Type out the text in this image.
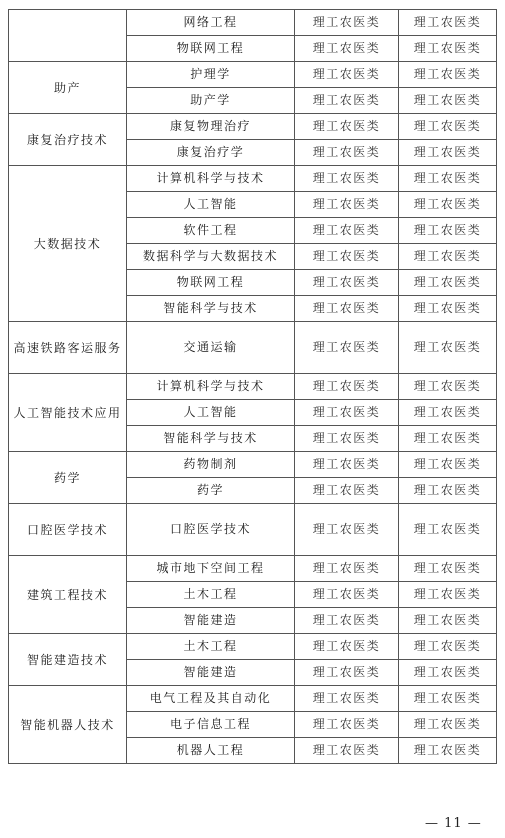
	网络工程	理工农医类	理工农医类
	物联网工程	理工农医类	理工农医类
助产	护理学	理工农医类	理工农医类
	助产学	理工农医类	理工农医类
康复治疗技术	康复物理治疗	理工农医类	理工农医类
	康复治疗学	理工农医类	理工农医类
大数据技术	计算机科学与技术	理工农医类	理工农医类
	人工智能	理工农医类	理工农医类
	软件工程	理工农医类	理工农医类
	数据科学与大数据技术	理工农医类	理工农医类
	物联网工程	理工农医类	理工农医类
	智能科学与技术	理工农医类	理工农医类
高速铁路客运服务	交通运输	理工农医类	理工农医类
人工智能技术应用	计算机科学与技术	理工农医类	理工农医类
	人工智能	理工农医类	理工农医类
	智能科学与技术	理工农医类	理工农医类
药学	药物制剂	理工农医类	理工农医类
	药学	理工农医类	理工农医类
口腔医学技术	口腔医学技术	理工农医类	理工农医类
建筑工程技术	城市地下空间工程	理工农医类	理工农医类
	土木工程	理工农医类	理工农医类
	智能建造	理工农医类	理工农医类
智能建造技术	土木工程	理工农医类	理工农医类
	智能建造	理工农医类	理工农医类
智能机器人技术	电气工程及其自动化	理工农医类	理工农医类
	电子信息工程	理工农医类	理工农医类
	机器人工程	理工农医类	理工农医类
— 11 —
